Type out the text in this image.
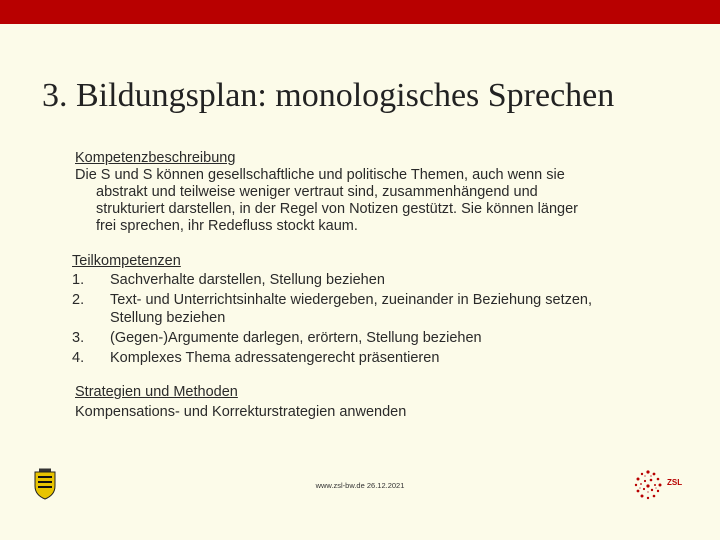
3. Bildungsplan: monologisches Sprechen
Kompetenzbeschreibung
Die S und S können gesellschaftliche und politische Themen, auch wenn sie
abstrakt und teilweise weniger vertraut sind, zusammenhängend und
strukturiert darstellen, in der Regel von Notizen gestützt. Sie können länger
frei sprechen, ihr Redefluss stockt kaum.
Teilkompetenzen
1.	Sachverhalte darstellen, Stellung beziehen
2.	Text- und Unterrichtsinhalte wiedergeben, zueinander in Beziehung setzen,
Stellung beziehen
3.	(Gegen-)Argumente darlegen, erörtern, Stellung beziehen
4.	Komplexes Thema adressatengerecht präsentieren
Strategien und Methoden
Kompensations- und Korrekturstrategien anwenden
www.zsl-bw.de 26.12.2021	ZSL
